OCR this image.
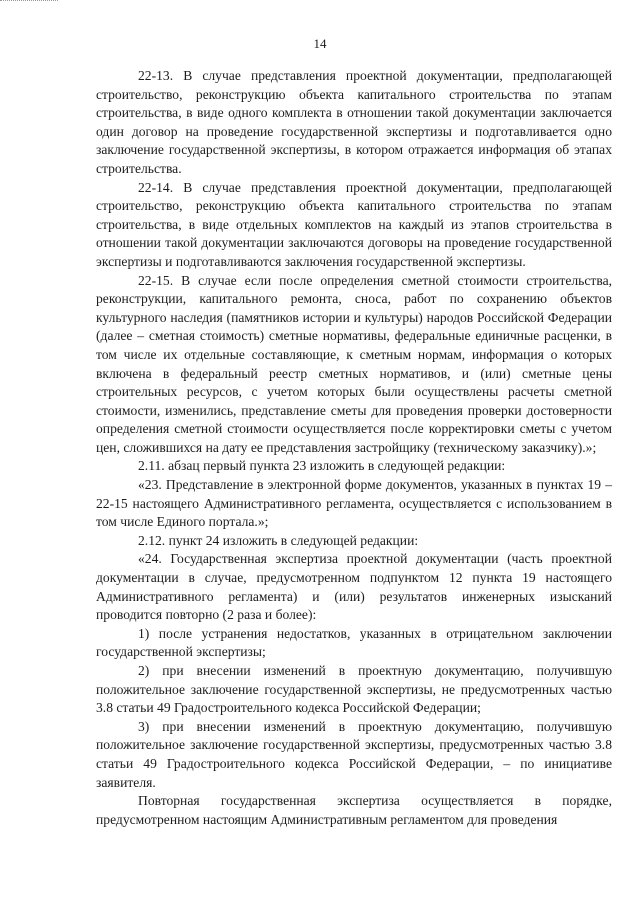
14

22-13. В случае представления проектной документации, предполагающей строительство, реконструкцию объекта капитального строительства по этапам строительства, в виде одного комплекта в отношении такой документации заключается один договор на проведение государственной экспертизы и подготавливается одно заключение государственной экспертизы, в котором отражается информация об этапах строительства.

22-14. В случае представления проектной документации, предполагающей строительство, реконструкцию объекта капитального строительства по этапам строительства, в виде отдельных комплектов на каждый из этапов строительства в отношении такой документации заключаются договоры на проведение государственной экспертизы и подготавливаются заключения государственной экспертизы.

22-15. В случае если после определения сметной стоимости строительства, реконструкции, капитального ремонта, сноса, работ по сохранению объектов культурного наследия (памятников истории и культуры) народов Российской Федерации (далее – сметная стоимость) сметные нормативы, федеральные единичные расценки, в том числе их отдельные составляющие, к сметным нормам, информация о которых включена в федеральный реестр сметных нормативов, и (или) сметные цены строительных ресурсов, с учетом которых были осуществлены расчеты сметной стоимости, изменились, представление сметы для проведения проверки достоверности определения сметной стоимости осуществляется после корректировки сметы с учетом цен, сложившихся на дату ее представления застройщику (техническому заказчику).»;

2.11. абзац первый пункта 23 изложить в следующей редакции:

«23. Представление в электронной форме документов, указанных в пунктах 19 – 22-15 настоящего Административного регламента, осуществляется с использованием в том числе Единого портала.»;

2.12. пункт 24 изложить в следующей редакции:

«24. Государственная экспертиза проектной документации (часть проектной документации в случае, предусмотренном подпунктом 12 пункта 19 настоящего Административного регламента) и (или) результатов инженерных изысканий проводится повторно (2 раза и более):

1) после устранения недостатков, указанных в отрицательном заключении государственной экспертизы;

2) при внесении изменений в проектную документацию, получившую положительное заключение государственной экспертизы, не предусмотренных частью 3.8 статьи 49 Градостроительного кодекса Российской Федерации;

3) при внесении изменений в проектную документацию, получившую положительное заключение государственной экспертизы, предусмотренных частью 3.8 статьи 49 Градостроительного кодекса Российской Федерации, – по инициативе заявителя.

Повторная государственная экспертиза осуществляется в порядке, предусмотренном настоящим Административным регламентом для проведения
